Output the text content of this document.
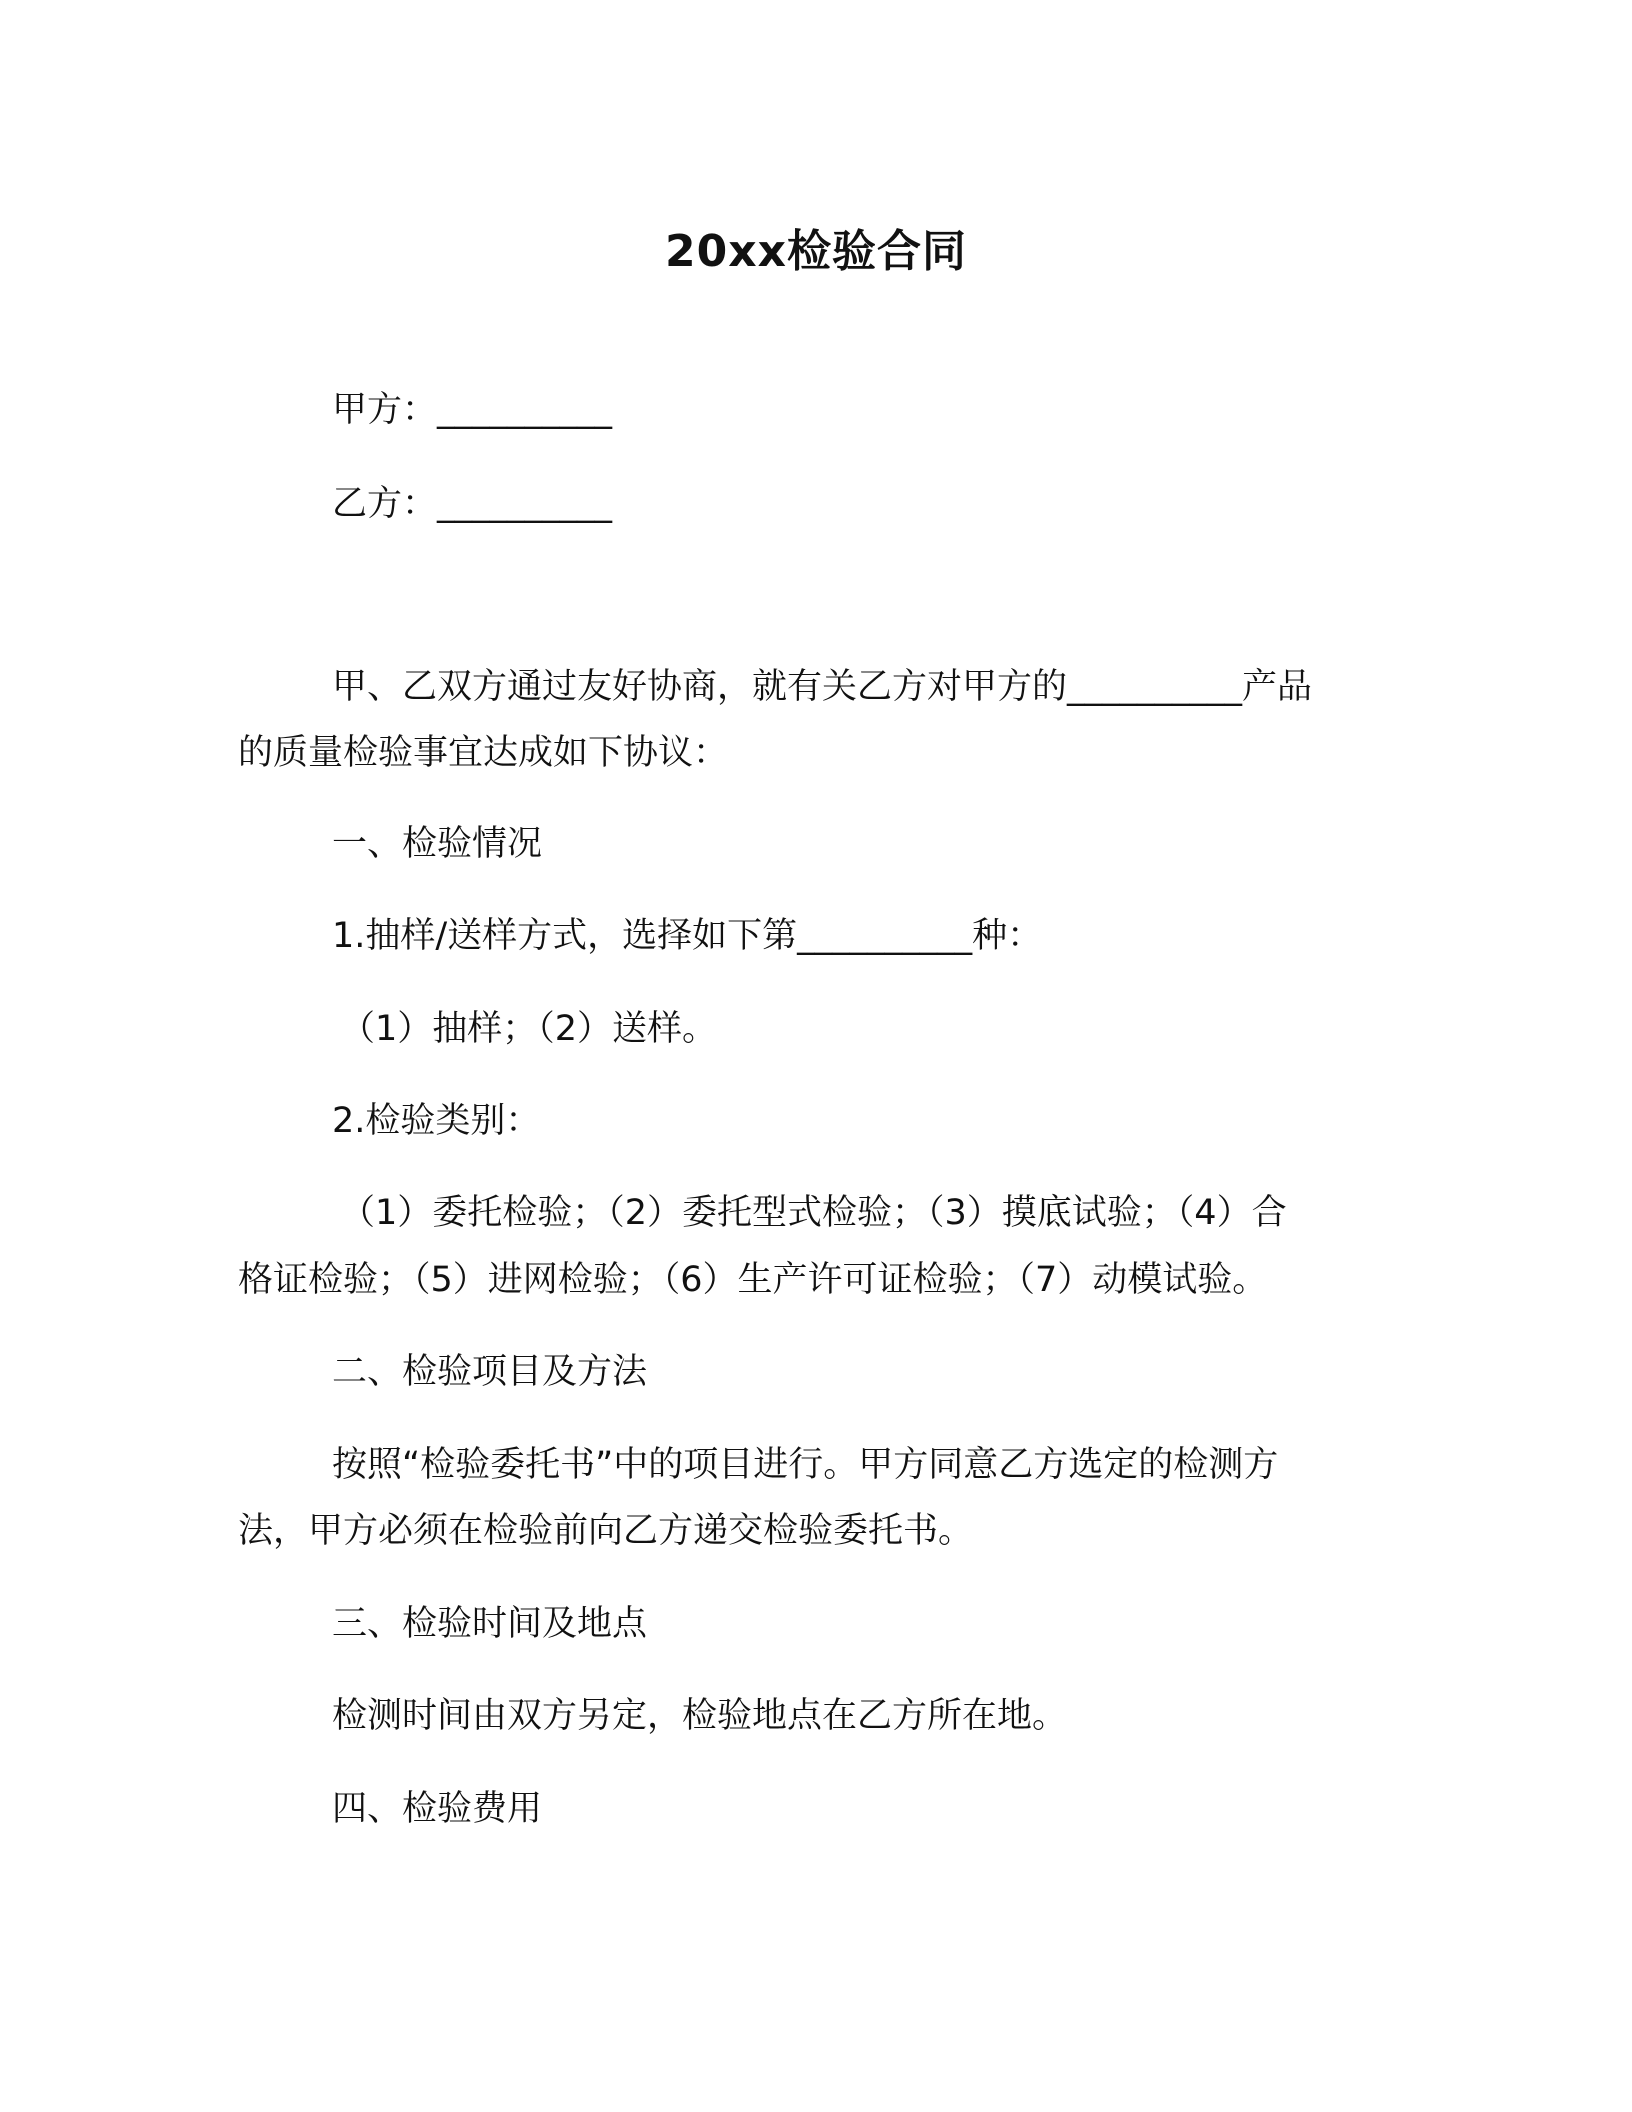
20xx检验合同
甲方：__________
乙方：__________
甲、乙双方通过友好协商，就有关乙方对甲方的__________产品
的质量检验事宜达成如下协议：
一、检验情况
1.抽样/送样方式，选择如下第__________种：
（1）抽样；（2）送样。
2.检验类别：
（1）委托检验；（2）委托型式检验；（3）摸底试验；（4）合
格证检验；（5）进网检验；（6）生产许可证检验；（7）动模试验。
二、检验项目及方法
按照“检验委托书”中的项目进行。甲方同意乙方选定的检测方
法，甲方必须在检验前向乙方递交检验委托书。
三、检验时间及地点
检测时间由双方另定，检验地点在乙方所在地。
四、检验费用
